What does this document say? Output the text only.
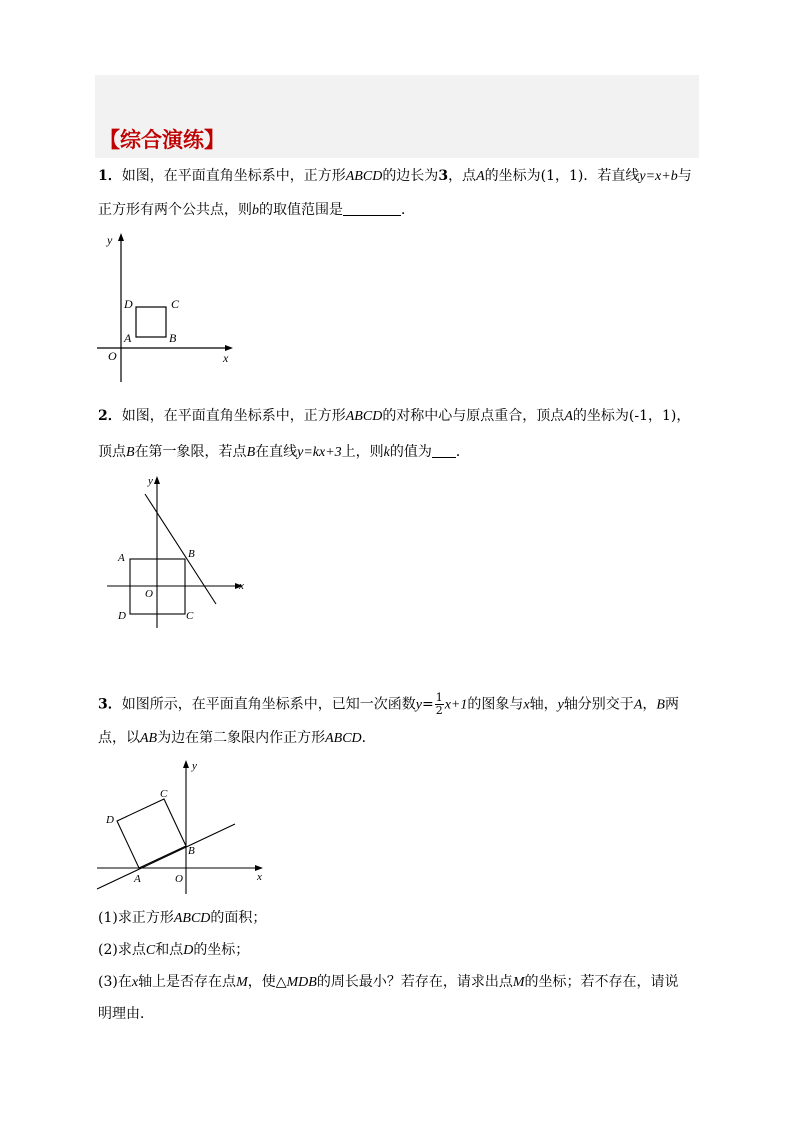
【综合演练】
1．如图，在平面直角坐标系中，正方形ABCD的边长为3，点A的坐标为(1，1)．若直线y=x+b与
正方形有两个公共点，则b的取值范围是	．
y
x
O
A	B
C
D
2．如图，在平面直角坐标系中，正方形ABCD的对称中心与原点重合，顶点A的坐标为(-1，1)，
顶点B在第一象限，若点B在直线y=kx+3上，则k的值为 ．
y
x
O
A	B
C
D
3．如图所示，在平面直角坐标系中，已知一次函数$y= \frac{1}{2} x+1$的图象与x轴，y轴分别交于A，B两
点，以AB为边在第二象限内作正方形ABCD．
y
x
O
A
B
C
D
(1)求正方形ABCD的面积；
(2)求点C和点D的坐标；
(3)在x轴上是否存在点M，使△MDB的周长最小？若存在，请求出点M的坐标；若不存在，请说
明理由．
